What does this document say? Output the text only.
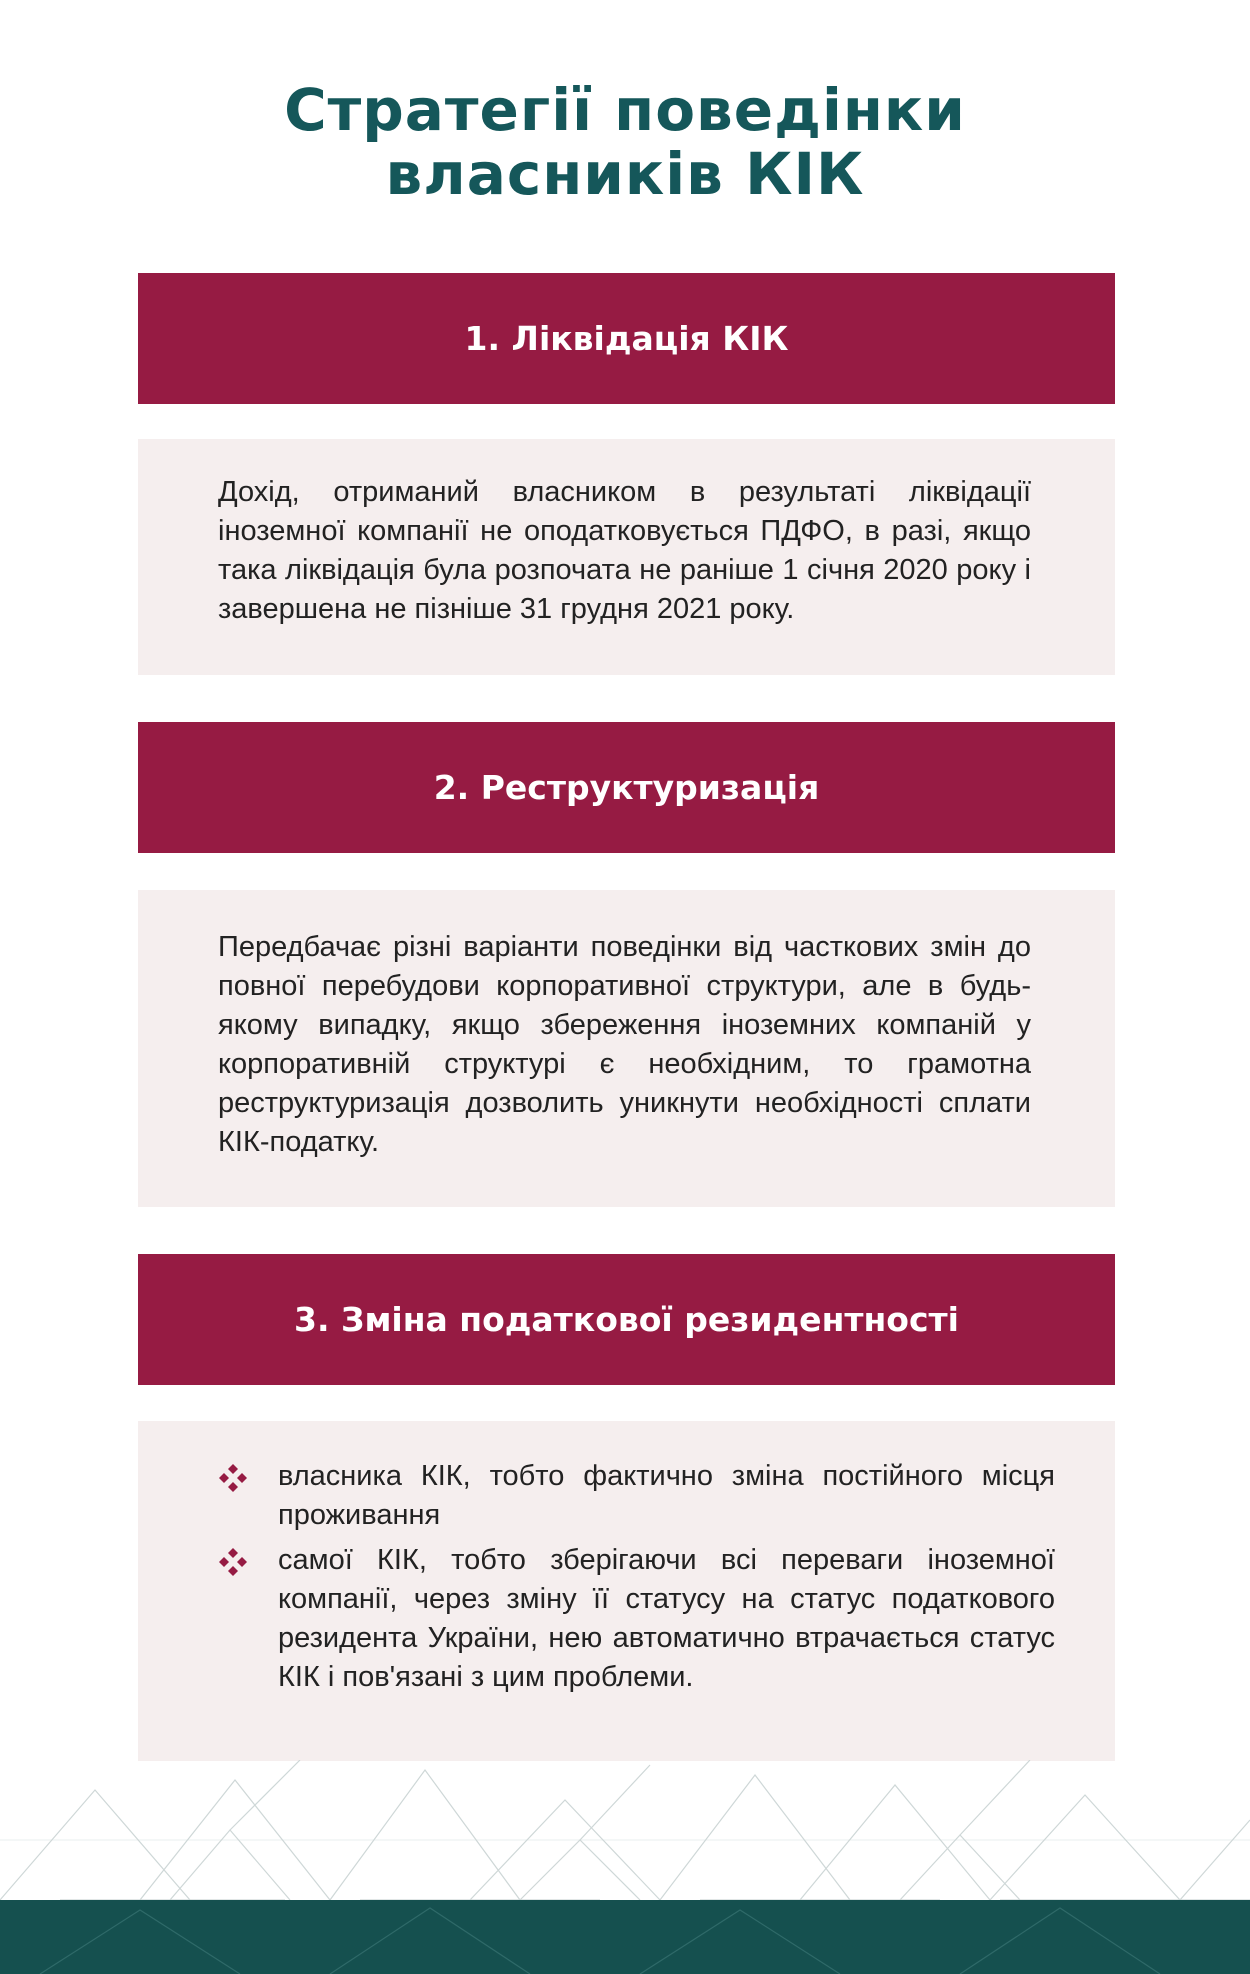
Стратегії поведінки
власників КІК
1. Ліквідація КІК
Дохід, отриманий власником в результаті ліквідації іноземної компанії не оподатковується ПДФО, в разі, якщо така ліквідація була розпочата не раніше 1 січня 2020 року і завершена не пізніше 31 грудня 2021 року.
2. Реструктуризація
Передбачає різні варіанти поведінки від часткових змін до повної перебудови корпоративної структури, але в будь-якому випадку, якщо збереження іноземних компаній у корпоративній структурі є необхідним, то грамотна реструктуризація дозволить уникнути необхідності сплати КІК-податку.
3. Зміна податкової резидентності
власника КІК, тобто фактично зміна постійного місця проживання
самої КІК, тобто зберігаючи всі переваги іноземної компанії, через зміну її статусу на статус податкового резидента України, нею автоматично втрачається статус КІК і пов'язані з цим проблеми.
